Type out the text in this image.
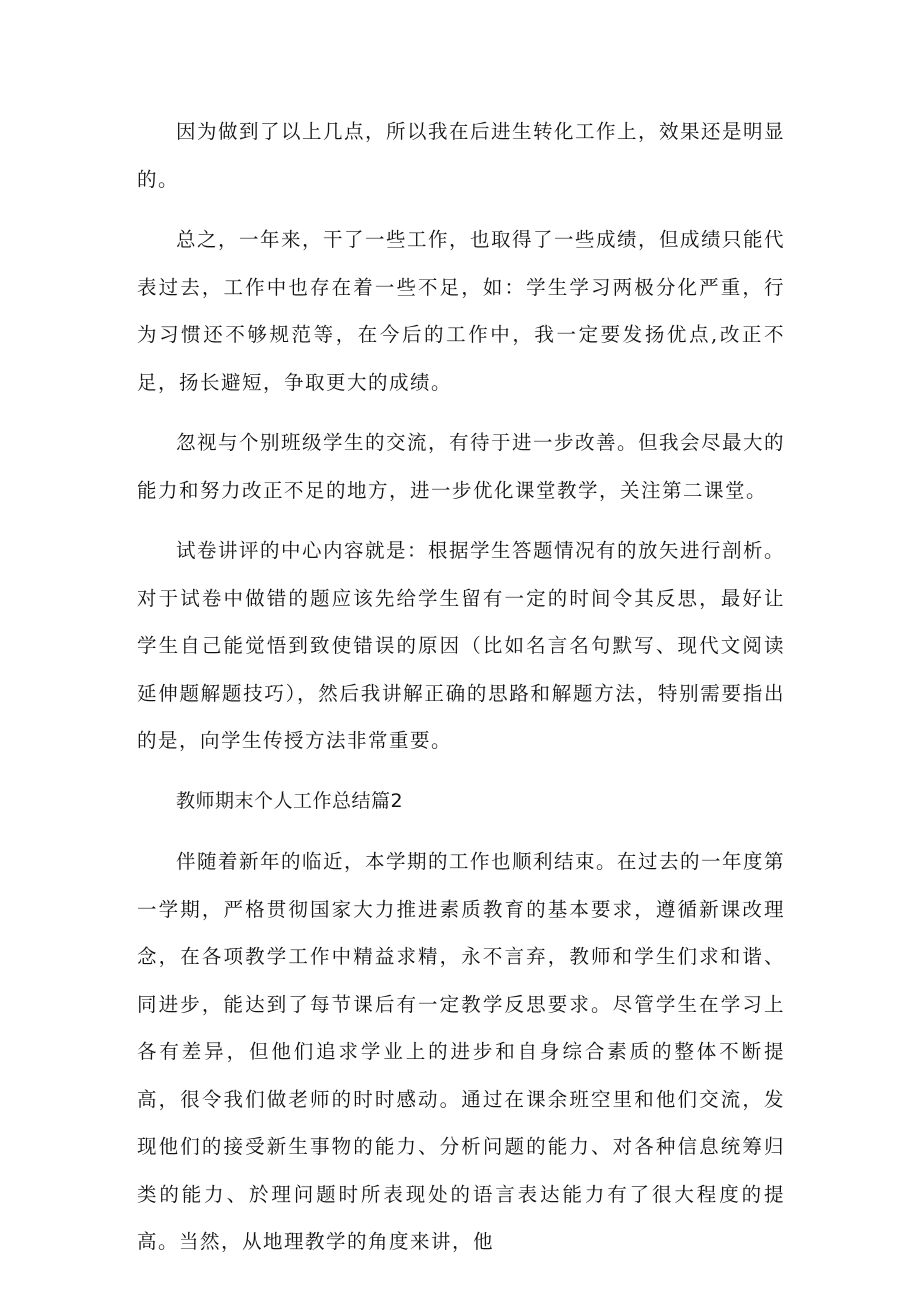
因为做到了以上几点，所以我在后进生转化工作上，效果还是明显的。

总之，一年来，干了一些工作，也取得了一些成绩，但成绩只能代表过去，工作中也存在着一些不足，如：学生学习两极分化严重，行为习惯还不够规范等，在今后的工作中，我一定要发扬优点,改正不足，扬长避短，争取更大的成绩。

忽视与个别班级学生的交流，有待于进一步改善。但我会尽最大的能力和努力改正不足的地方，进一步优化课堂教学，关注第二课堂。

试卷讲评的中心内容就是：根据学生答题情况有的放矢进行剖析。对于试卷中做错的题应该先给学生留有一定的时间令其反思，最好让学生自己能觉悟到致使错误的原因（比如名言名句默写、现代文阅读延伸题解题技巧），然后我讲解正确的思路和解题方法，特别需要指出的是，向学生传授方法非常重要。

教师期末个人工作总结篇2

伴随着新年的临近，本学期的工作也顺利结束。在过去的一年度第一学期，严格贯彻国家大力推进素质教育的基本要求，遵循新课改理念，在各项教学工作中精益求精，永不言弃，教师和学生们求和谐、同进步，能达到了每节课后有一定教学反思要求。尽管学生在学习上各有差异，但他们追求学业上的进步和自身综合素质的整体不断提高，很令我们做老师的时时感动。通过在课余班空里和他们交流，发现他们的接受新生事物的能力、分析问题的能力、对各种信息统筹归类的能力、於理问题时所表现处的语言表达能力有了很大程度的提高。当然，从地理教学的角度来讲，他
